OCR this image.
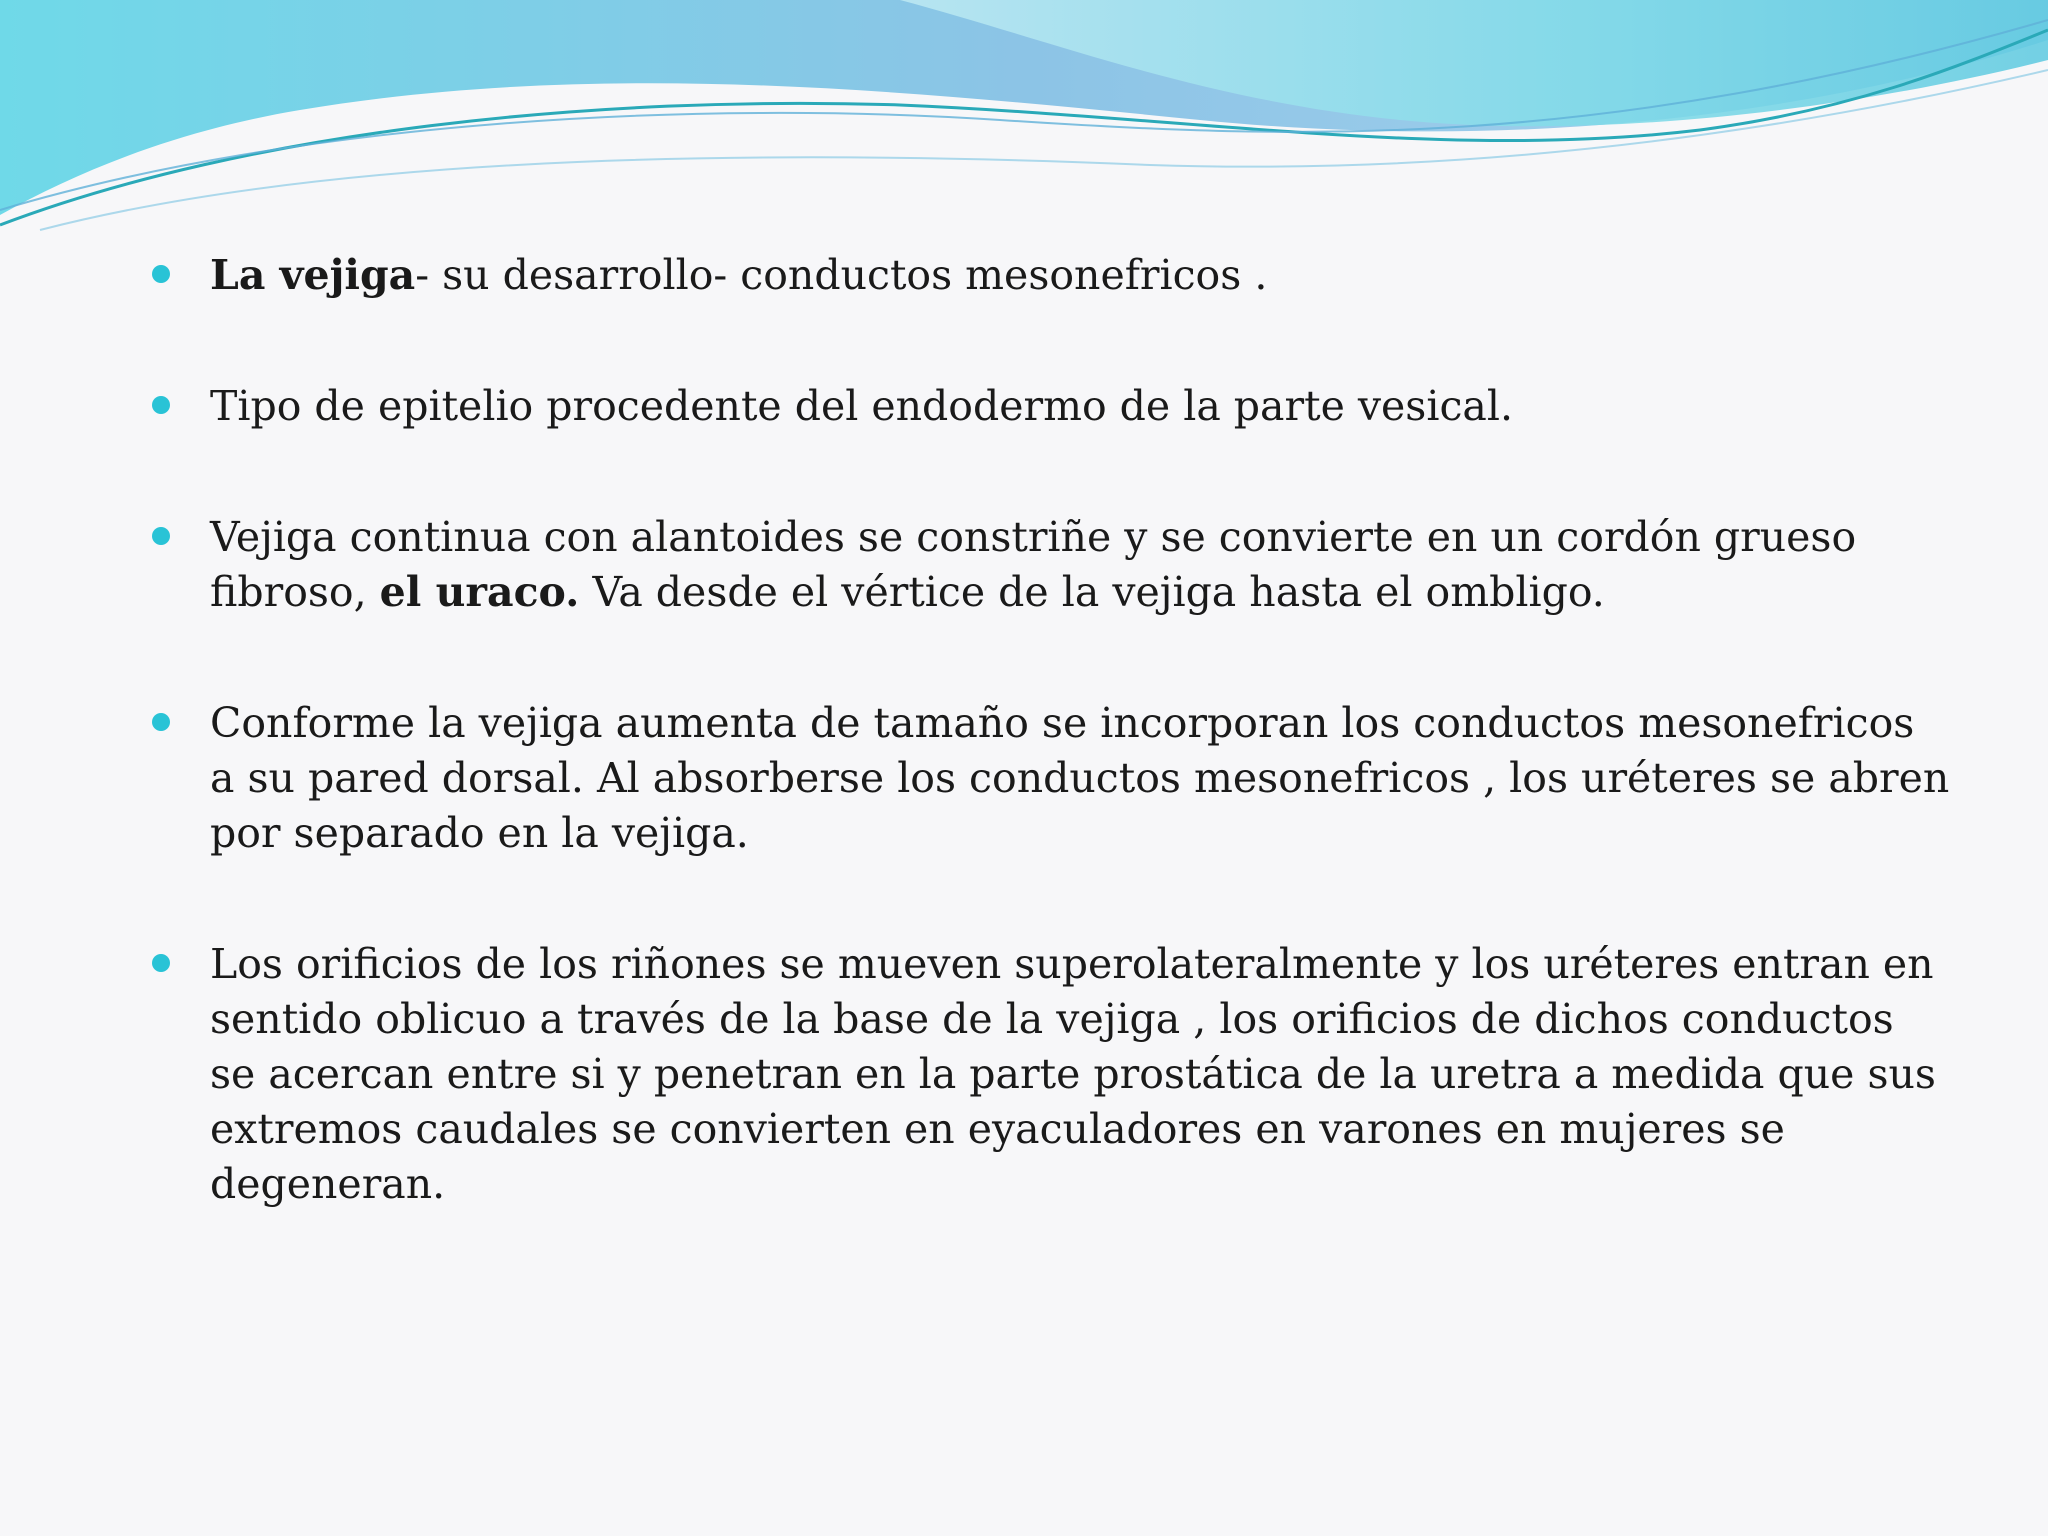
La vejiga- su desarrollo- conductos mesonefricos .
Tipo de epitelio procedente del endodermo de la parte vesical.
Vejiga continua con alantoides se constriñe y se convierte en un cordón grueso fibroso, el uraco. Va desde el vértice de la vejiga hasta el ombligo.
Conforme la vejiga aumenta de tamaño se incorporan los conductos mesonefricos a su pared dorsal. Al absorberse los conductos mesonefricos , los uréteres se abren por separado en la vejiga.
Los orificios de los riñones se mueven superolateralmente y los uréteres entran en sentido oblicuo a través de la base de la vejiga , los orificios de dichos conductos se acercan entre si y penetran en la parte prostática de la uretra a medida que sus extremos caudales se convierten en eyaculadores en varones en mujeres se degeneran.
